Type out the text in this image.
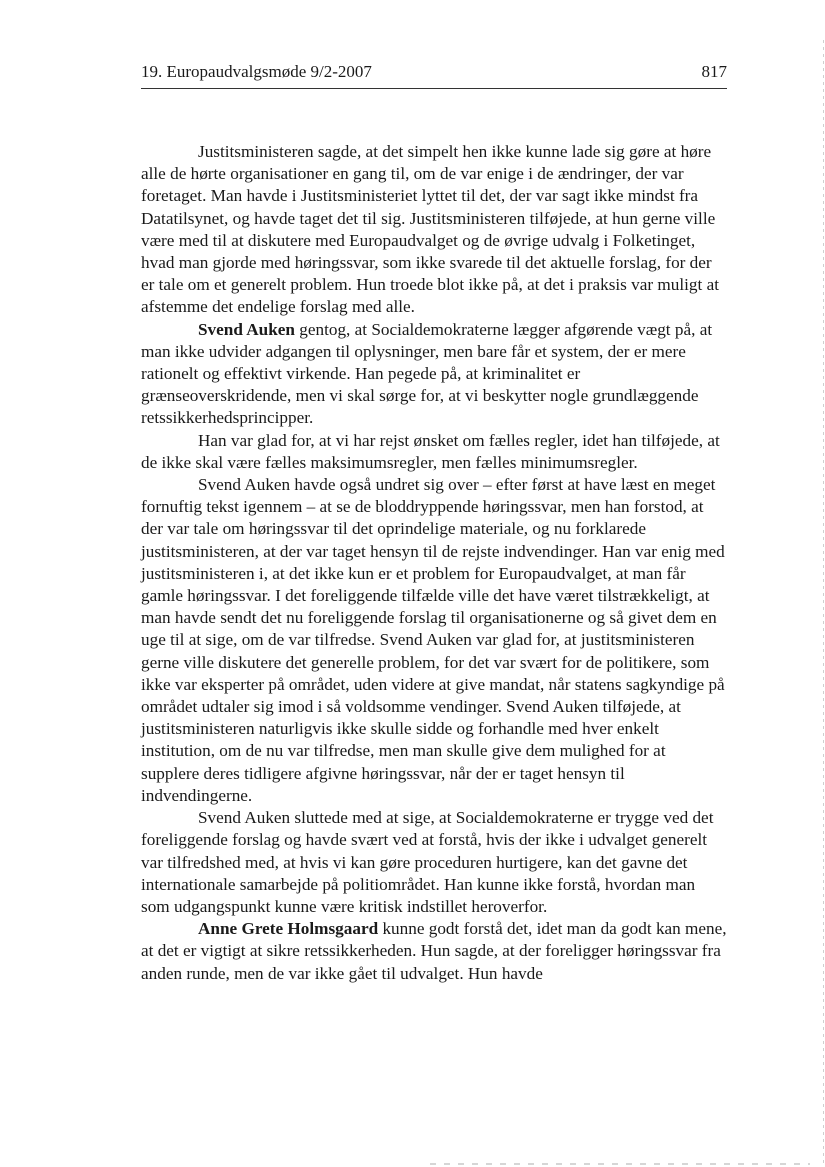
19. Europaudvalgsmøde 9/2-2007	817

Justitsministeren sagde, at det simpelt hen ikke kunne lade sig gøre at høre alle de hørte organisationer en gang til, om de var enige i de ændringer, der var foretaget. Man havde i Justitsministeriet lyttet til det, der var sagt ikke mindst fra Datatilsynet, og havde taget det til sig. Justitsministeren tilføjede, at hun gerne ville være med til at diskutere med Europaudvalget og de øvrige udvalg i Folketinget, hvad man gjorde med høringssvar, som ikke svarede til det aktuelle forslag, for der er tale om et generelt problem. Hun troede blot ikke på, at det i praksis var muligt at afstemme det endelige forslag med alle.

Svend Auken gentog, at Socialdemokraterne lægger afgørende vægt på, at man ikke udvider adgangen til oplysninger, men bare får et system, der er mere rationelt og effektivt virkende. Han pegede på, at kriminalitet er grænseoverskridende, men vi skal sørge for, at vi beskytter nogle grundlæggende retssikkerhedsprincipper.

Han var glad for, at vi har rejst ønsket om fælles regler, idet han tilføjede, at de ikke skal være fælles maksimumsregler, men fælles minimumsregler.

Svend Auken havde også undret sig over – efter først at have læst en meget fornuftig tekst igennem – at se de bloddryppende høringssvar, men han forstod, at der var tale om høringssvar til det oprindelige materiale, og nu forklarede justitsministeren, at der var taget hensyn til de rejste indvendinger. Han var enig med justitsministeren i, at det ikke kun er et problem for Europaudvalget, at man får gamle høringssvar. I det foreliggende tilfælde ville det have været tilstrækkeligt, at man havde sendt det nu foreliggende forslag til organisationerne og så givet dem en uge til at sige, om de var tilfredse. Svend Auken var glad for, at justitsministeren gerne ville diskutere det generelle problem, for det var svært for de politikere, som ikke var eksperter på området, uden videre at give mandat, når statens sagkyndige på området udtaler sig imod i så voldsomme vendinger. Svend Auken tilføjede, at justitsministeren naturligvis ikke skulle sidde og forhandle med hver enkelt institution, om de nu var tilfredse, men man skulle give dem mulighed for at supplere deres tidligere afgivne høringssvar, når der er taget hensyn til indvendingerne.

Svend Auken sluttede med at sige, at Socialdemokraterne er trygge ved det foreliggende forslag og havde svært ved at forstå, hvis der ikke i udvalget generelt var tilfredshed med, at hvis vi kan gøre proceduren hurtigere, kan det gavne det internationale samarbejde på politiområdet. Han kunne ikke forstå, hvordan man som udgangspunkt kunne være kritisk indstillet heroverfor.

Anne Grete Holmsgaard kunne godt forstå det, idet man da godt kan mene, at det er vigtigt at sikre retssikkerheden. Hun sagde, at der foreligger høringssvar fra anden runde, men de var ikke gået til udvalget. Hun havde
